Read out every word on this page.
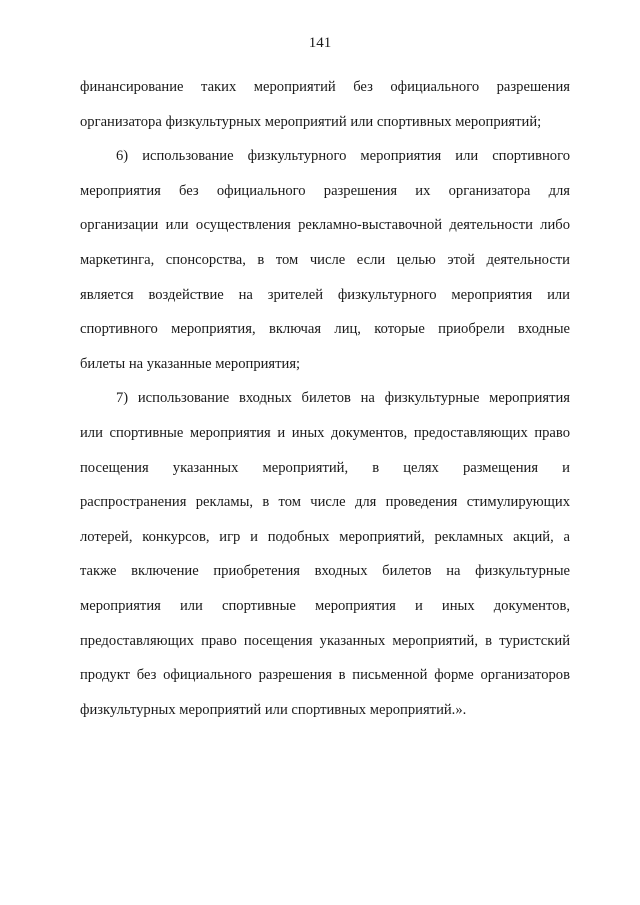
141
финансирование таких мероприятий без официального разрешения
организатора физкультурных мероприятий или спортивных мероприятий;
6) использование физкультурного мероприятия или спортивного
мероприятия без официального разрешения их организатора для
организации или осуществления рекламно-выставочной деятельности либо
маркетинга, спонсорства, в том числе если целью этой деятельности
является воздействие на зрителей физкультурного мероприятия или
спортивного мероприятия, включая лиц, которые приобрели входные
билеты на указанные мероприятия;
7) использование входных билетов на физкультурные мероприятия
или спортивные мероприятия и иных документов, предоставляющих право
посещения указанных мероприятий, в целях размещения и
распространения рекламы, в том числе для проведения стимулирующих
лотерей, конкурсов, игр и подобных мероприятий, рекламных акций, а
также включение приобретения входных билетов на физкультурные
мероприятия или спортивные мероприятия и иных документов,
предоставляющих право посещения указанных мероприятий, в туристский
продукт без официального разрешения в письменной форме организаторов
физкультурных мероприятий или спортивных мероприятий.».
